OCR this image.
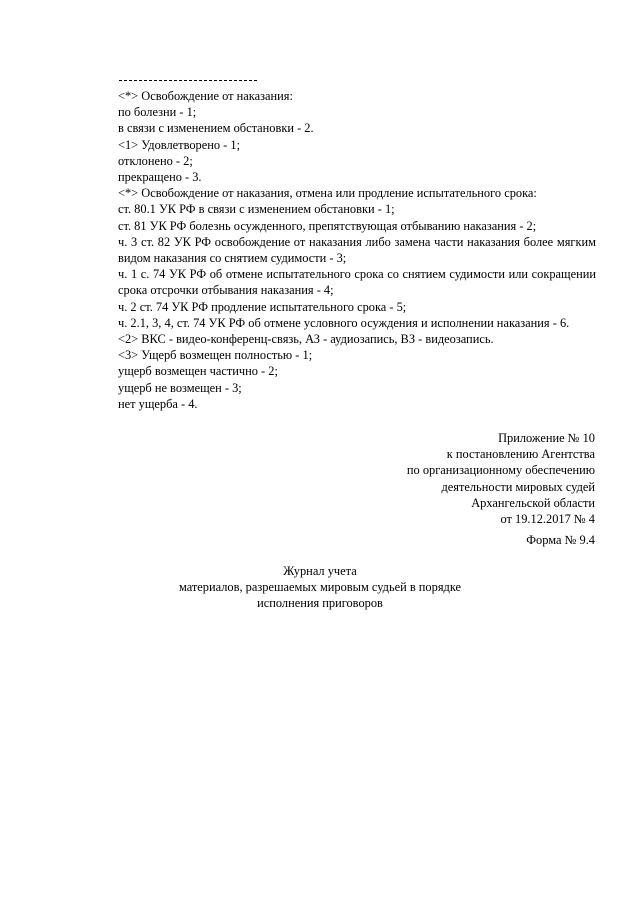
<*> Освобождение от наказания:
по болезни - 1;
в связи с изменением обстановки - 2.
<1> Удовлетворено - 1;
отклонено - 2;
прекращено - 3.
<*> Освобождение от наказания, отмена или продление испытательного срока:
ст. 80.1 УК РФ в связи с изменением обстановки - 1;
ст. 81 УК РФ болезнь осужденного, препятствующая отбыванию наказания - 2;
ч. 3 ст. 82 УК РФ освобождение от наказания либо замена части наказания более мягким видом наказания со снятием судимости - 3;
ч. 1 с. 74 УК РФ об отмене испытательного срока со снятием судимости или сокращении срока отсрочки отбывания наказания - 4;
ч. 2 ст. 74 УК РФ продление испытательного срока - 5;
ч. 2.1, 3, 4, ст. 74 УК РФ об отмене условного осуждения и исполнении наказания - 6.
<2> ВКС - видео-конференц-связь, АЗ - аудиозапись, ВЗ - видеозапись.
<3> Ущерб возмещен полностью - 1;
ущерб возмещен частично - 2;
ущерб не возмещен - 3;
нет ущерба - 4.
Приложение № 10
к постановлению Агентства
по организационному обеспечению
деятельности мировых судей
Архангельской области
от 19.12.2017 № 4
Форма № 9.4
Журнал учета
материалов, разрешаемых мировым судьей в порядке
исполнения приговоров
